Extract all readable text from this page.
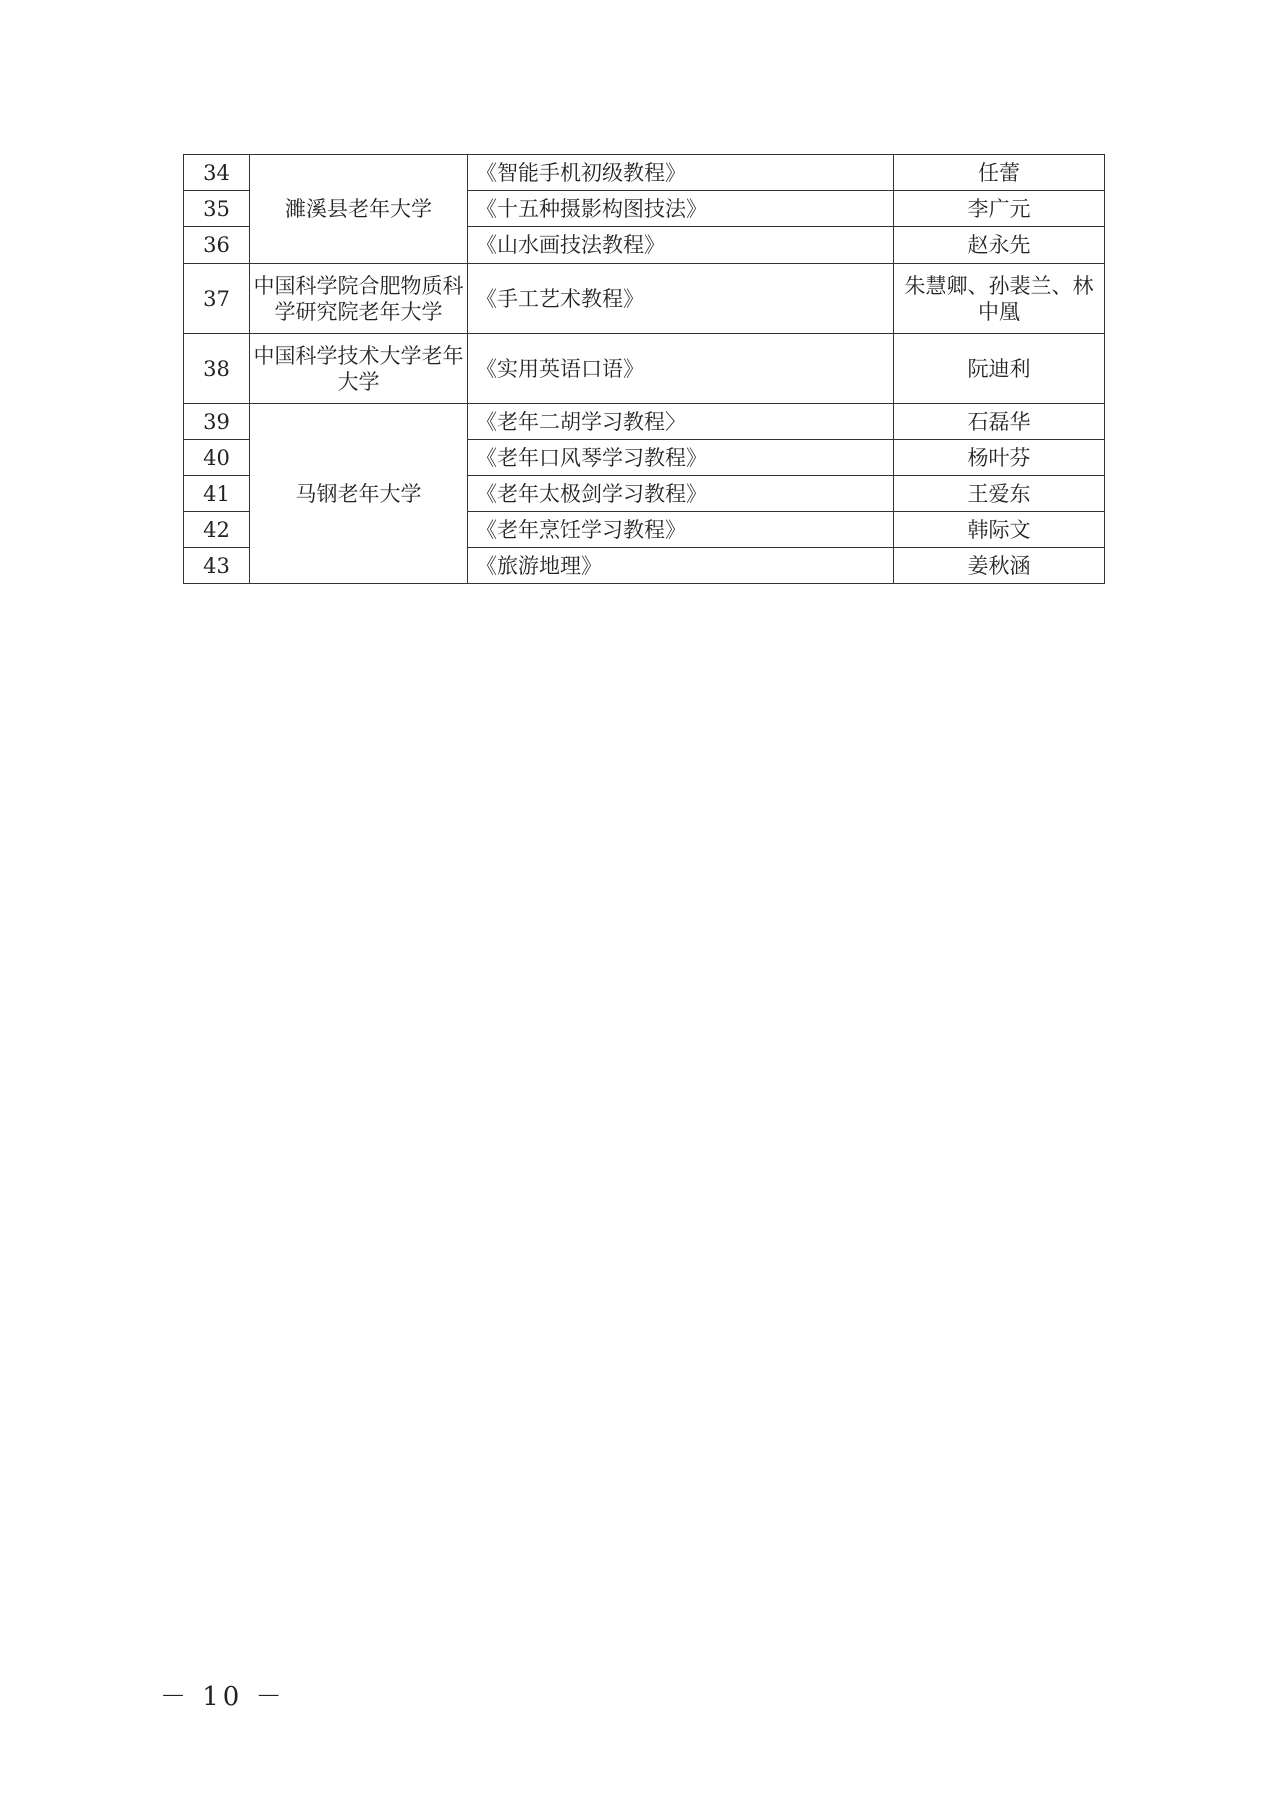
34	濉溪县老年大学	《智能手机初级教程》	任蕾
35		《十五种摄影构图技法》	李广元
36		《山水画技法教程》	赵永先
37	中国科学院合肥物质科学研究院老年大学	《手工艺术教程》	朱慧卿、孙裴兰、林中凰
38	中国科学技术大学老年大学	《实用英语口语》	阮迪利
39	马钢老年大学	《老年二胡学习教程〉	石磊华
40		《老年口风琴学习教程》	杨叶芬
41		《老年太极剑学习教程》	王爱东
42		《老年烹饪学习教程》	韩际文
43		《旅游地理》	姜秋涵
－ 10 －
